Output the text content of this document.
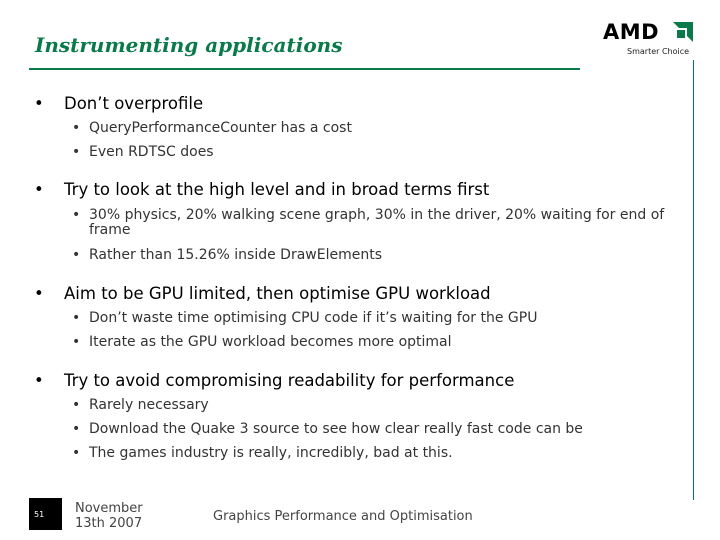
Instrumenting applications
AMD
Smarter Choice
• Don’t overprofile
• QueryPerformanceCounter has a cost
• Even RDTSC does
• Try to look at the high level and in broad terms first
• 30% physics, 20% walking scene graph, 30% in the driver, 20% waiting for end of frame
• Rather than 15.26% inside DrawElements
• Aim to be GPU limited, then optimise GPU workload
• Don’t waste time optimising CPU code if it’s waiting for the GPU
• Iterate as the GPU workload becomes more optimal
• Try to avoid compromising readability for performance
• Rarely necessary
• Download the Quake 3 source to see how clear really fast code can be
• The games industry is really, incredibly, bad at this.
51 November 13th 2007	Graphics Performance and Optimisation
